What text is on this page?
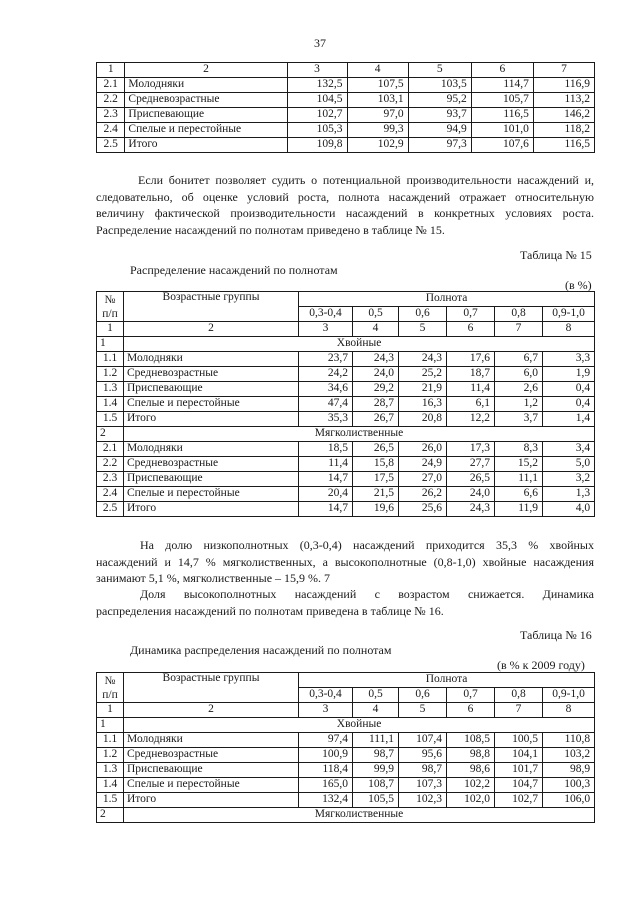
37
1	2	3	4	5	6	7
2.1	Молодняки	132,5	107,5	103,5	114,7	116,9
2.2	Средневозрастные	104,5	103,1	95,2	105,7	113,2
2.3	Приспевающие	102,7	97,0	93,7	116,5	146,2
2.4	Спелые и перестойные	105,3	99,3	94,9	101,0	118,2
2.5	Итого	109,8	102,9	97,3	107,6	116,5
Если бонитет позволяет судить о потенциальной производительности насаждений и,
следовательно, об оценке условий роста, полнота насаждений отражает относительную
величину фактической производительности насаждений в конкретных условиях роста.
Распределение насаждений по полнотам приведено в таблице № 15.
Таблица № 15
Распределение насаждений по полнотам
(в %)
№
п/п	Возрастные группы	Полнота					
		0,3-0,4	0,5	0,6	0,7	0,8	0,9-1,0
1	2	3	4	5	6	7	8
1	Хвойные						
1.1	Молодняки	23,7	24,3	24,3	17,6	6,7	3,3
1.2	Средневозрастные	24,2	24,0	25,2	18,7	6,0	1,9
1.3	Приспевающие	34,6	29,2	21,9	11,4	2,6	0,4
1.4	Спелые и перестойные	47,4	28,7	16,3	6,1	1,2	0,4
1.5	Итого	35,3	26,7	20,8	12,2	3,7	1,4
2	Мягколиственные						
2.1	Молодняки	18,5	26,5	26,0	17,3	8,3	3,4
2.2	Средневозрастные	11,4	15,8	24,9	27,7	15,2	5,0
2.3	Приспевающие	14,7	17,5	27,0	26,5	11,1	3,2
2.4	Спелые и перестойные	20,4	21,5	26,2	24,0	6,6	1,3
2.5	Итого	14,7	19,6	25,6	24,3	11,9	4,0
На долю низкополнотных (0,3-0,4) насаждений приходится 35,3 % хвойных
насаждений и 14,7 % мягколиственных, а высокополнотные (0,8-1,0) хвойные насаждения
занимают 5,1 %, мягколиственные – 15,9 %. 7
Доля высокополнотных насаждений с возрастом снижается. Динамика
распределения насаждений по полнотам приведена в таблице № 16.
Таблица № 16
Динамика распределения насаждений по полнотам
(в % к 2009 году)
№
п/п	Возрастные группы	Полнота					
		0,3-0,4	0,5	0,6	0,7	0,8	0,9-1,0
1	2	3	4	5	6	7	8
1	Хвойные						
1.1	Молодняки	97,4	111,1	107,4	108,5	100,5	110,8
1.2	Средневозрастные	100,9	98,7	95,6	98,8	104,1	103,2
1.3	Приспевающие	118,4	99,9	98,7	98,6	101,7	98,9
1.4	Спелые и перестойные	165,0	108,7	107,3	102,2	104,7	100,3
1.5	Итого	132,4	105,5	102,3	102,0	102,7	106,0
2	Мягколиственные						
